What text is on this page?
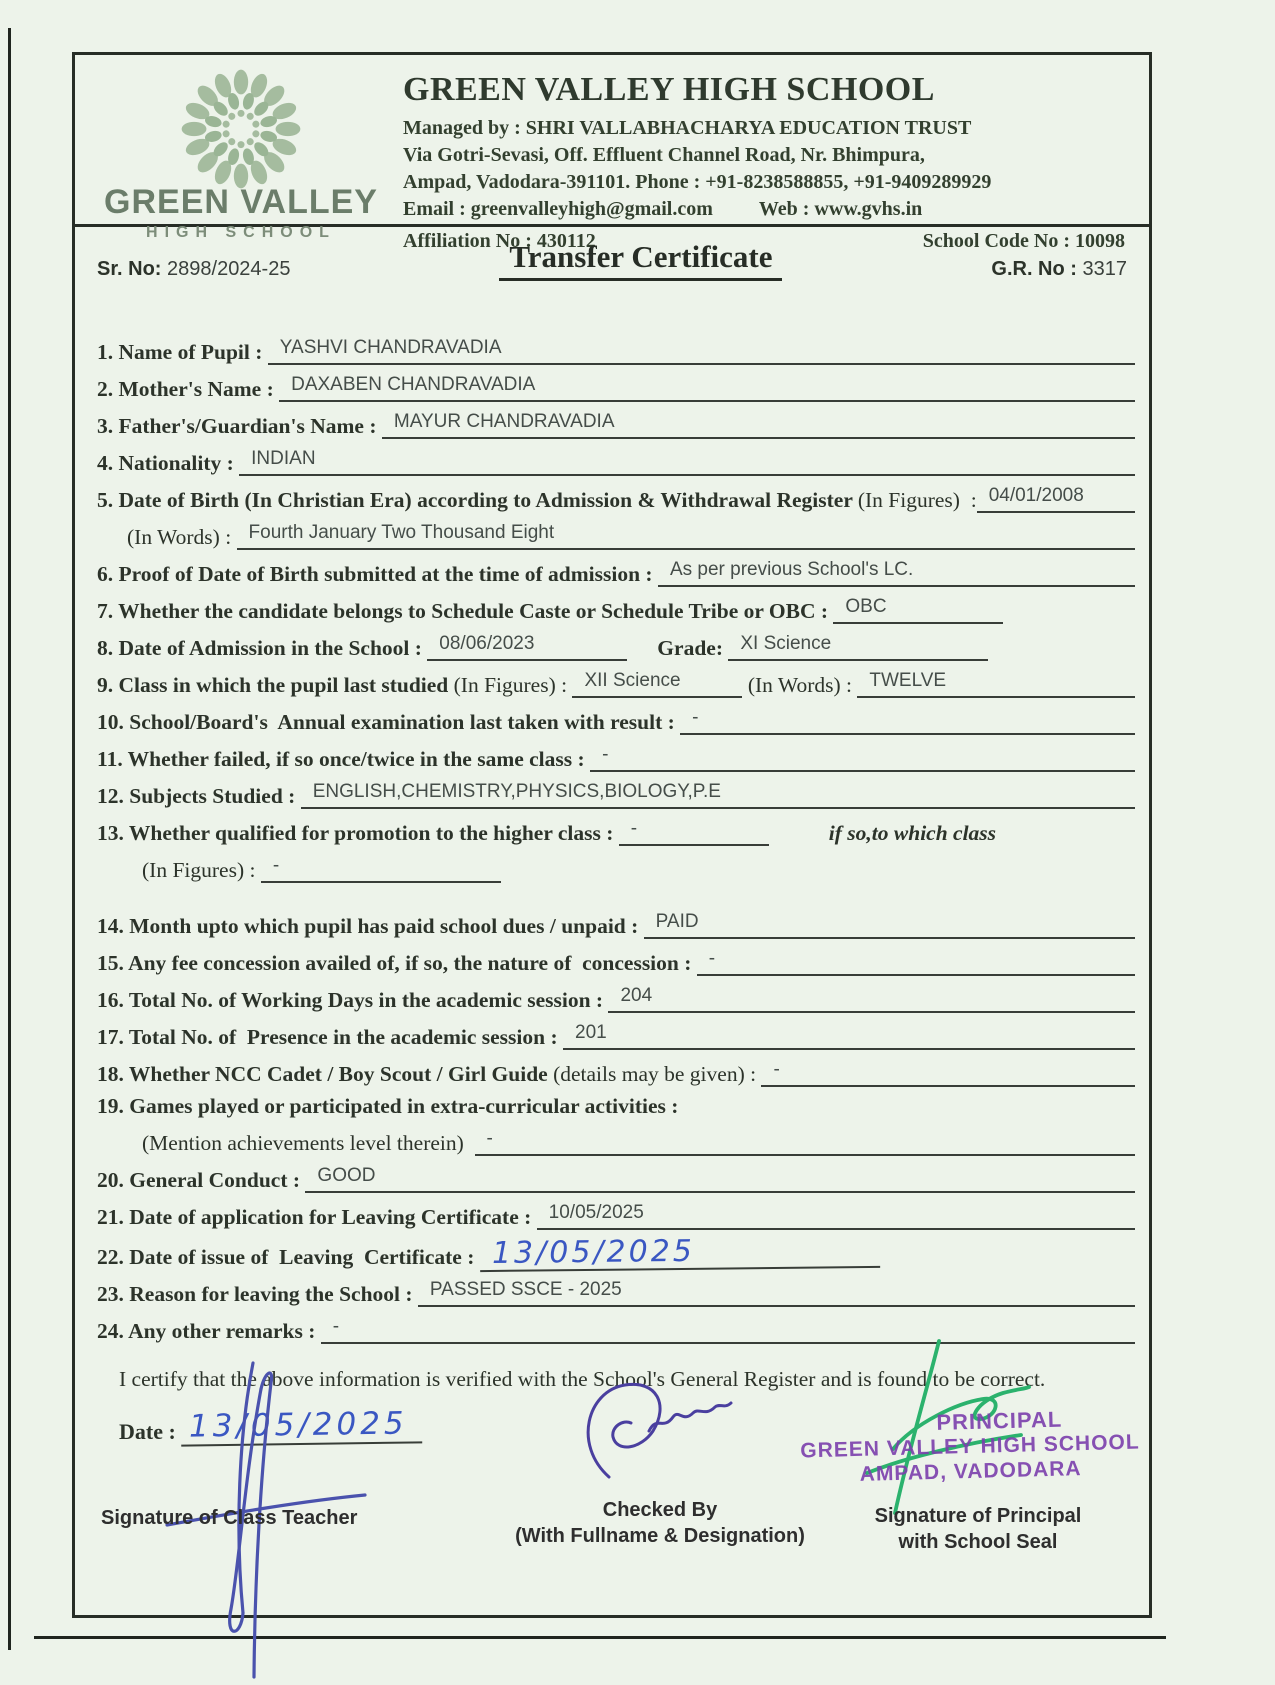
GREEN VALLEY
HIGH SCHOOL
GREEN VALLEY HIGH SCHOOL
Managed by : SHRI VALLABHACHARYA EDUCATION TRUST
Via Gotri-Sevasi, Off. Effluent Channel Road, Nr. Bhimpura,
Ampad, Vadodara-391101. Phone : +91-8238588855, +91-9409289929
Email : greenvalleyhigh@gmail.com Web : www.gvhs.in
Affiliation No : 430112	School Code No : 10098
Sr. No: 2898/2024-25	Transfer Certificate	G.R. No : 3317
1. Name of Pupil : YASHVI CHANDRAVADIA
2. Mother's Name : DAXABEN CHANDRAVADIA
3. Father's/Guardian's Name : MAYUR CHANDRAVADIA
4. Nationality : INDIAN
5. Date of Birth (In Christian Era) according to Admission & Withdrawal Register (In Figures)  : 04/01/2008
(In Words) : Fourth January Two Thousand Eight
6. Proof of Date of Birth submitted at the time of admission : As per previous School's LC.
7. Whether the candidate belongs to Schedule Caste or Schedule Tribe or OBC : OBC
8. Date of Admission in the School : 08/06/2023	Grade: XI Science
9. Class in which the pupil last studied (In Figures) : XII Science	(In Words) : TWELVE
10. School/Board's  Annual examination last taken with result : -
11. Whether failed, if so once/twice in the same class : -
12. Subjects Studied : ENGLISH,CHEMISTRY,PHYSICS,BIOLOGY,P.E
13. Whether qualified for promotion to the higher class : -	if so,to which class
(In Figures) : -
14. Month upto which pupil has paid school dues / unpaid : PAID
15. Any fee concession availed of, if so, the nature of  concession : -
16. Total No. of Working Days in the academic session : 204
17. Total No. of  Presence in the academic session : 201
18. Whether NCC Cadet / Boy Scout / Girl Guide (details may be given) : -
19. Games played or participated in extra-curricular activities :
(Mention achievements level therein) -
20. General Conduct : GOOD
21. Date of application for Leaving Certificate : 10/05/2025
22. Date of issue of  Leaving  Certificate : 13/05/2025
23. Reason for leaving the School : PASSED SSCE - 2025
24. Any other remarks : -
I certify that the above information is verified with the School's General Register and is found to be correct.
Date : 13/05/2025
Signature of Class Teacher	Checked By
(With Fullname & Designation)
PRINCIPAL
GREEN VALLEY HIGH SCHOOL
AMPAD, VADODARA
Signature of Principal
with School Seal
